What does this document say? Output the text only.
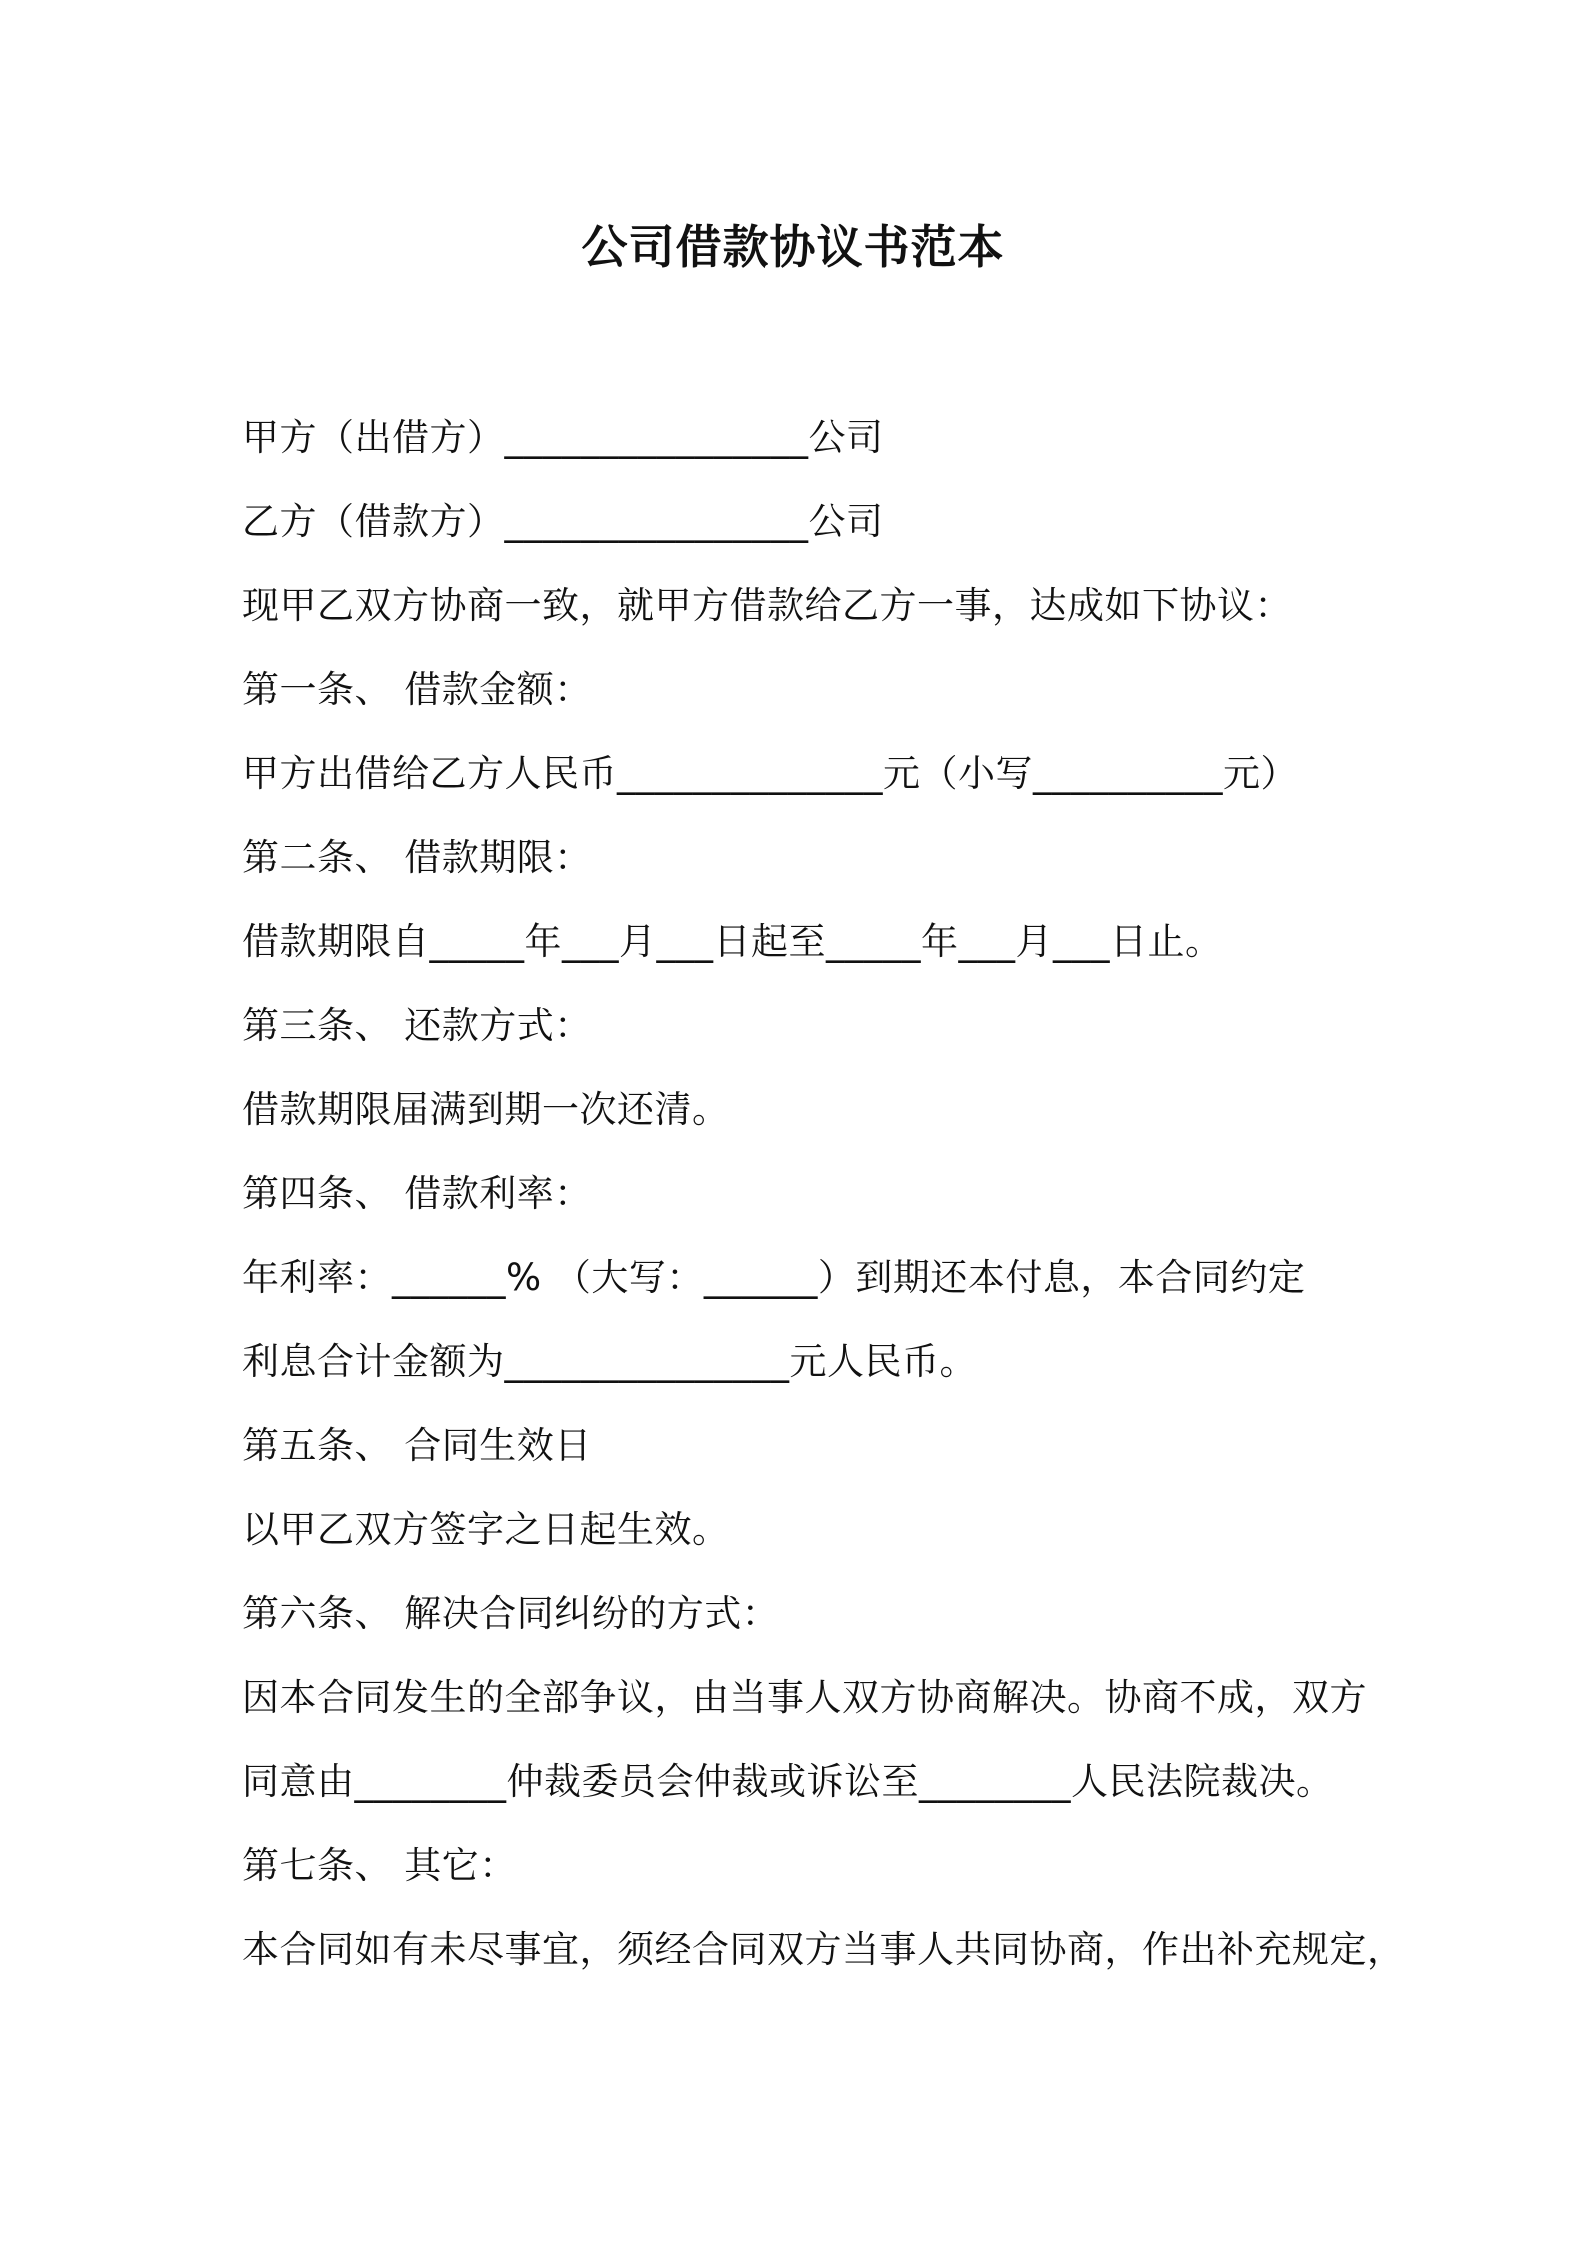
公司借款协议书范本
甲方（出借方）________________公司
乙方（借款方）________________公司
现甲乙双方协商一致，就甲方借款给乙方一事，达成如下协议：
第一条、 借款金额：
甲方出借给乙方人民币______________元（小写__________元）
第二条、 借款期限：
借款期限自_____年___月___日起至_____年___月___日止。
第三条、 还款方式：
借款期限届满到期一次还清。
第四条、 借款利率：
年利率：______% （大写：______）到期还本付息，本合同约定
利息合计金额为_______________元人民币。
第五条、 合同生效日
以甲乙双方签字之日起生效。
第六条、 解决合同纠纷的方式：
因本合同发生的全部争议，由当事人双方协商解决。协商不成，双方
同意由________仲裁委员会仲裁或诉讼至________人民法院裁决。
第七条、 其它：
本合同如有未尽事宜，须经合同双方当事人共同协商，作出补充规定，
